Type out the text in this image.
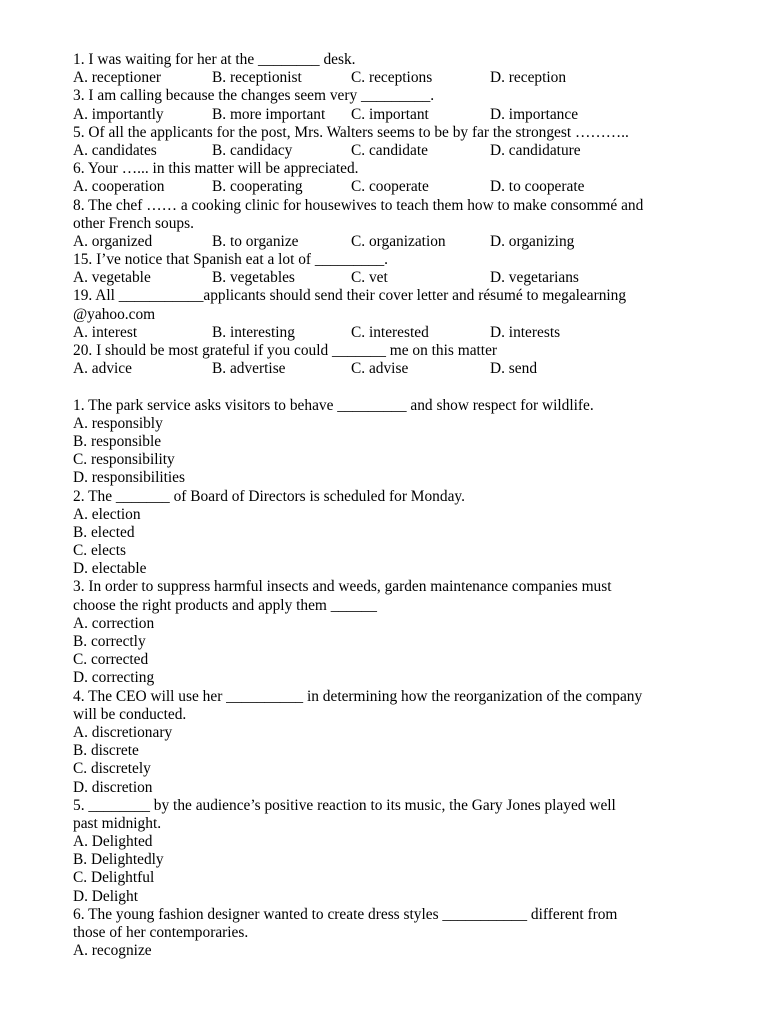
1. I was waiting for her at the ________ desk.
A. receptioner	B. receptionist	C. receptions	D. reception
3. I am calling because the changes seem very _________.
A. importantly	B. more important	C. important	D. importance
5. Of all the applicants for the post, Mrs. Walters seems to be by far the strongest ………..
A. candidates	B. candidacy	C. candidate	D. candidature
6. Your …... in this matter will be appreciated.
A. cooperation	B. cooperating	C. cooperate	D. to cooperate
8. The chef …… a cooking clinic for housewives to teach them how to make consommé and
other French soups.
A. organized	B. to organize	C. organization	D. organizing
15. I’ve notice that Spanish eat a lot of _________.
A. vegetable	B. vegetables	C. vet	D. vegetarians
19. All ___________applicants should send their cover letter and résumé to megalearning
@yahoo.com
A. interest	B. interesting	C. interested	D. interests
20. I should be most grateful if you could _______ me on this matter
A. advice	B. advertise	C. advise	D. send
1. The park service asks visitors to behave _________ and show respect for wildlife.
A. responsibly
B. responsible
C. responsibility
D. responsibilities
2. The _______ of Board of Directors is scheduled for Monday.
A. election
B. elected
C. elects
D. electable
3. In order to suppress harmful insects and weeds, garden maintenance companies must
choose the right products and apply them ______
A. correction
B. correctly
C. corrected
D. correcting
4. The CEO will use her __________ in determining how the reorganization of the company
will be conducted.
A. discretionary
B. discrete
C. discretely
D. discretion
5. ________ by the audience’s positive reaction to its music, the Gary Jones played well
past midnight.
A. Delighted
B. Delightedly
C. Delightful
D. Delight
6. The young fashion designer wanted to create dress styles ___________ different from
those of her contemporaries.
A. recognize
